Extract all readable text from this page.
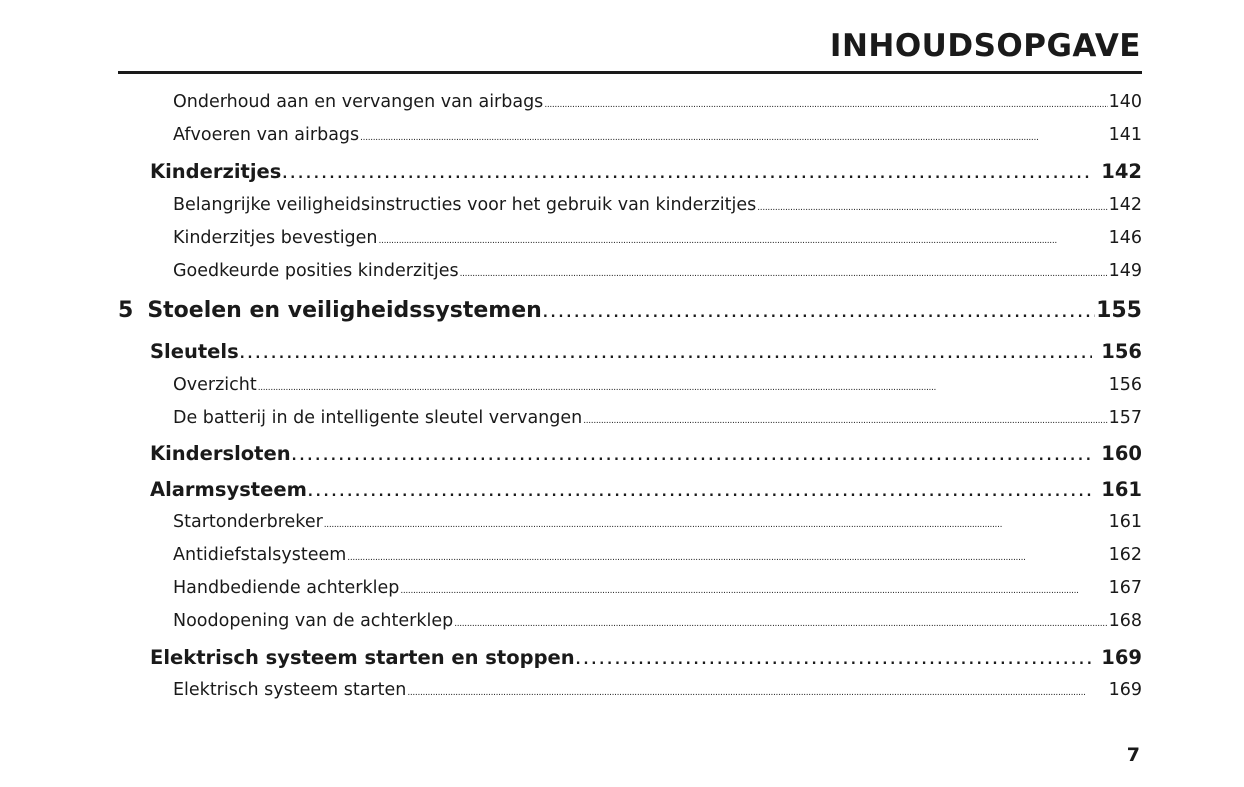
INHOUDSOPGAVE
Onderhoud aan en vervangen van airbags . . .	140
Afvoeren van airbags . . .	141
Kinderzitjes . . .	142
Belangrijke veiligheidsinstructies voor het gebruik van kinderzitjes . . .	142
Kinderzitjes bevestigen . . .	146
Goedkeurde posities kinderzitjes . . .	149
5 Stoelen en veiligheidssystemen . . .	155
Sleutels . . .	156
Overzicht . . .	156
De batterij in de intelligente sleutel vervangen . . .	157
Kindersloten . . .	160
Alarmsysteem . . .	161
Startonderbreker . . .	161
Antidiefstalsysteem . . .	162
Handbediende achterklep . . .	167
Noodopening van de achterklep . . .	168
Elektrisch systeem starten en stoppen . . .	169
Elektrisch systeem starten . . .	169
7
